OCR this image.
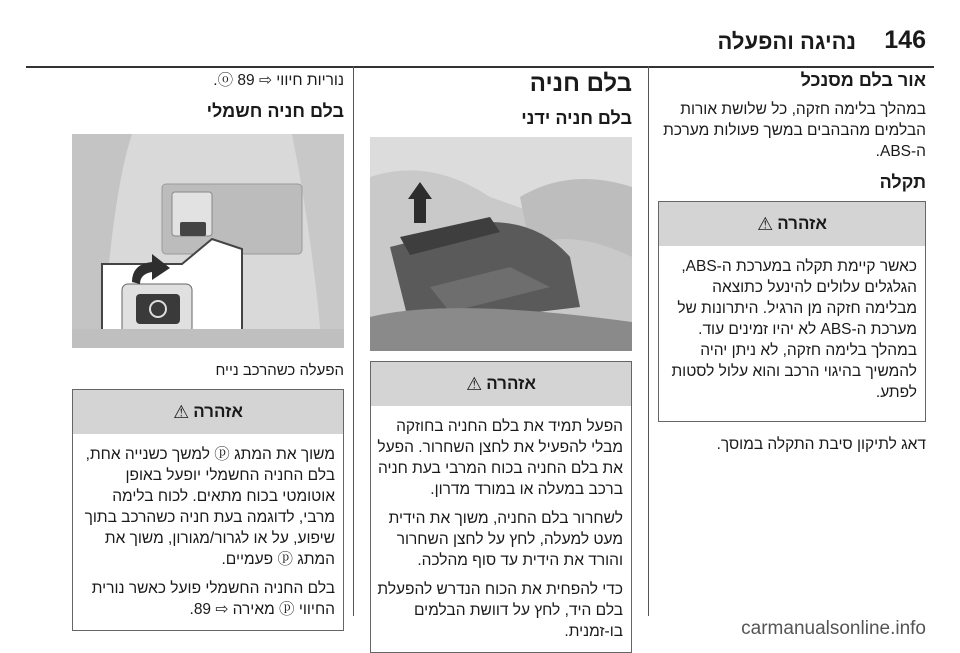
146
נהיגה והפעלה
אור בלם מסנכל

במהלך בלימה חזקה, כל שלושת אורות הבלמים מהבהבים במשך פעולות מערכת ה-ABS.

תקלה
אזהרה
⚠

כאשר קיימת תקלה במערכת ה-ABS, הגלגלים עלולים להינעל כתוצאה מבלימה חזקה מן הרגיל. היתרונות של מערכת ה-ABS לא יהיו זמינים עוד. במהלך בלימה חזקה, לא ניתן יהיה להמשיך בהיגוי הרכב והוא עלול לסטות לפתע.

דאג לתיקון סיבת התקלה במוסך.

בלם חניה
בלם חניה ידני
אזהרה
⚠

הפעל תמיד את בלם החניה בחוזקה מבלי להפעיל את לחצן השחרור. הפעל את בלם החניה בכוח המרבי בעת חניה ברכב במעלה או במורד מדרון.

לשחרור בלם החניה, משוך את הידית מעט למעלה, לחץ על לחצן השחרור והורד את הידית עד סוף מהלכה.

כדי להפחית את הכוח הנדרש להפעלת בלם היד, לחץ על דוושת הבלמים בו-זמנית.

נוריות חיווי ⇨ ⓞ 89.

בלם חניה חשמלי

הפעלה כשהרכב נייח

אזהרה
⚠

משוך את המתג ⓟ למשך כשנייה אחת, בלם החניה החשמלי יופעל באופן אוטומטי בכוח מתאים. לכוח בלימה מרבי, לדוגמה בעת חניה כשהרכב בתוך שיפוע, על או לגרור/מגורון, משוך את המתג ⓟ פעמיים.

בלם החניה החשמלי פועל כאשר נורית החיווי ⓟ מאירה ⇨ 89.

carmanualsonline.info
